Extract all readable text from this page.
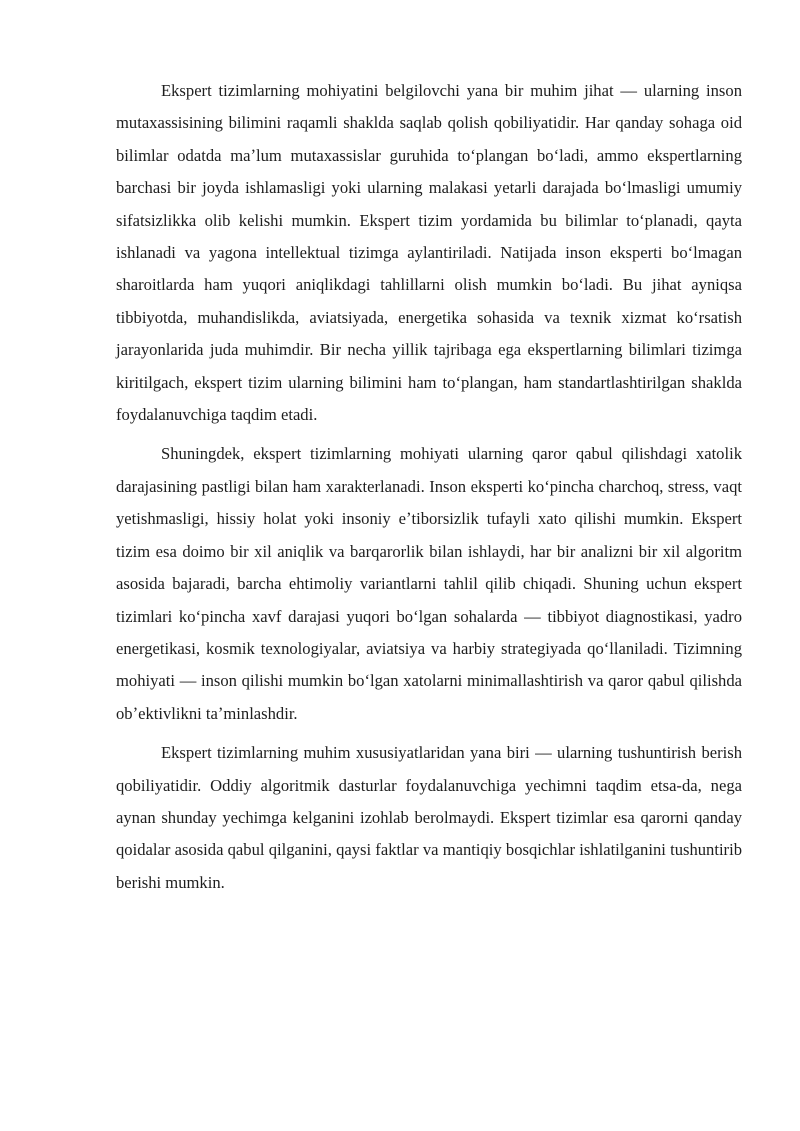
Ekspert tizimlarning mohiyatini belgilovchi yana bir muhim jihat — ularning inson mutaxassisining bilimini raqamli shaklda saqlab qolish qobiliyatidir. Har qanday sohaga oid bilimlar odatda maʼlum mutaxassislar guruhida toʻplangan boʻladi, ammo ekspertlarning barchasi bir joyda ishlamasligi yoki ularning malakasi yetarli darajada boʻlmasligi umumiy sifatsizlikka olib kelishi mumkin. Ekspert tizim yordamida bu bilimlar toʻplanadi, qayta ishlanadi va yagona intellektual tizimga aylantiriladi. Natijada inson eksperti boʻlmagan sharoitlarda ham yuqori aniqlikdagi tahlillarni olish mumkin boʻladi. Bu jihat ayniqsa tibbiyotda, muhandislikda, aviatsiyada, energetika sohasida va texnik xizmat koʻrsatish jarayonlarida juda muhimdir. Bir necha yillik tajribaga ega ekspertlarning bilimlari tizimga kiritilgach, ekspert tizim ularning bilimini ham toʻplangan, ham standartlashtirilgan shaklda foydalanuvchiga taqdim etadi.

Shuningdek, ekspert tizimlarning mohiyati ularning qaror qabul qilishdagi xatolik darajasining pastligi bilan ham xarakterlanadi. Inson eksperti koʻpincha charchoq, stress, vaqt yetishmasligi, hissiy holat yoki insoniy eʼtiborsizlik tufayli xato qilishi mumkin. Ekspert tizim esa doimo bir xil aniqlik va barqarorlik bilan ishlaydi, har bir analizni bir xil algoritm asosida bajaradi, barcha ehtimoliy variantlarni tahlil qilib chiqadi. Shuning uchun ekspert tizimlari koʻpincha xavf darajasi yuqori boʻlgan sohalarda — tibbiyot diagnostikasi, yadro energetikasi, kosmik texnologiyalar, aviatsiya va harbiy strategiyada qoʻllaniladi. Tizimning mohiyati — inson qilishi mumkin boʻlgan xatolarni minimallashtirish va qaror qabul qilishda obʼektivlikni taʼminlashdir.

Ekspert tizimlarning muhim xususiyatlaridan yana biri — ularning tushuntirish berish qobiliyatidir. Oddiy algoritmik dasturlar foydalanuvchiga yechimni taqdim etsa-da, nega aynan shunday yechimga kelganini izohlab berolmaydi. Ekspert tizimlar esa qarorni qanday qoidalar asosida qabul qilganini, qaysi faktlar va mantiqiy bosqichlar ishlatilganini tushuntirib berishi mumkin.
